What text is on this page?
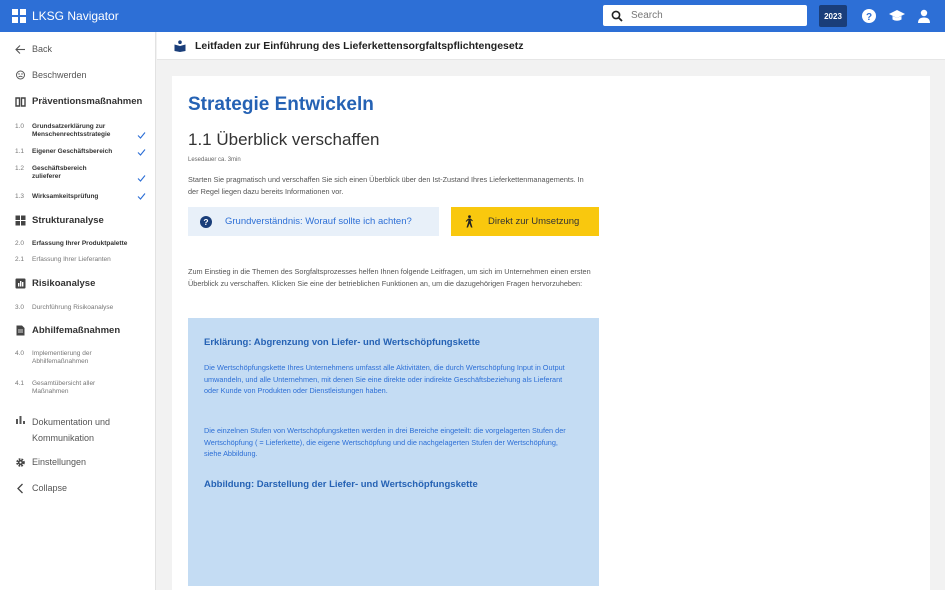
LKSG Navigator
Search	2023	?
Back
Beschwerden
Präventionsmaßnahmen
1.0 Grundsatzerklärung zur Menschenrechtsstrategie
1.1 Eigener Geschäftsbereich
1.2 Geschäftsbereich zulieferer
1.3 Wirksamkeitsprüfung
Strukturanalyse
2.0 Erfassung Ihrer Produktpalette
2.1 Erfassung Ihrer Lieferanten
Risikoanalyse
3.0 Durchführung Risikoanalyse
Abhilfemaßnahmen
4.0 Implementierung der Abhilfemaßnahmen
4.1 Gesamtübersicht aller Maßnahmen
Dokumentation und Kommunikation
Einstellungen
Collapse
Leitfaden zur Einführung des Lieferkettensorgfaltspflichtengesetz
Strategie Entwickeln
1.1 Überblick verschaffen
Lesedauer ca. 3min
Starten Sie pragmatisch und verschaffen Sie sich einen Überblick über den Ist-Zustand Ihres Lieferkettenmanagements. In der Regel liegen dazu bereits Informationen vor.
? Grundverständnis: Worauf sollte ich achten?	Direkt zur Umsetzung
Zum Einstieg in die Themen des Sorgfaltsprozesses helfen Ihnen folgende Leitfragen, um sich im Unternehmen einen ersten Überblick zu verschaffen. Klicken Sie eine der betrieblichen Funktionen an, um die dazugehörigen Fragen hervorzuheben:
Erklärung: Abgrenzung von Liefer- und Wertschöpfungskette
Die Wertschöpfungskette Ihres Unternehmens umfasst alle Aktivitäten, die durch Wertschöpfung Input in Output umwandeln, und alle Unternehmen, mit denen Sie eine direkte oder indirekte Geschäftsbeziehung als Lieferant oder Kunde von Produkten oder Dienstleistungen haben.
Die einzelnen Stufen von Wertschöpfungsketten werden in drei Bereiche eingeteilt: die vorgelagerten Stufen der Wertschöpfung ( = Lieferkette), die eigene Wertschöpfung und die nachgelagerten Stufen der Wertschöpfung, siehe Abbildung.
Abbildung: Darstellung der Liefer- und Wertschöpfungskette
